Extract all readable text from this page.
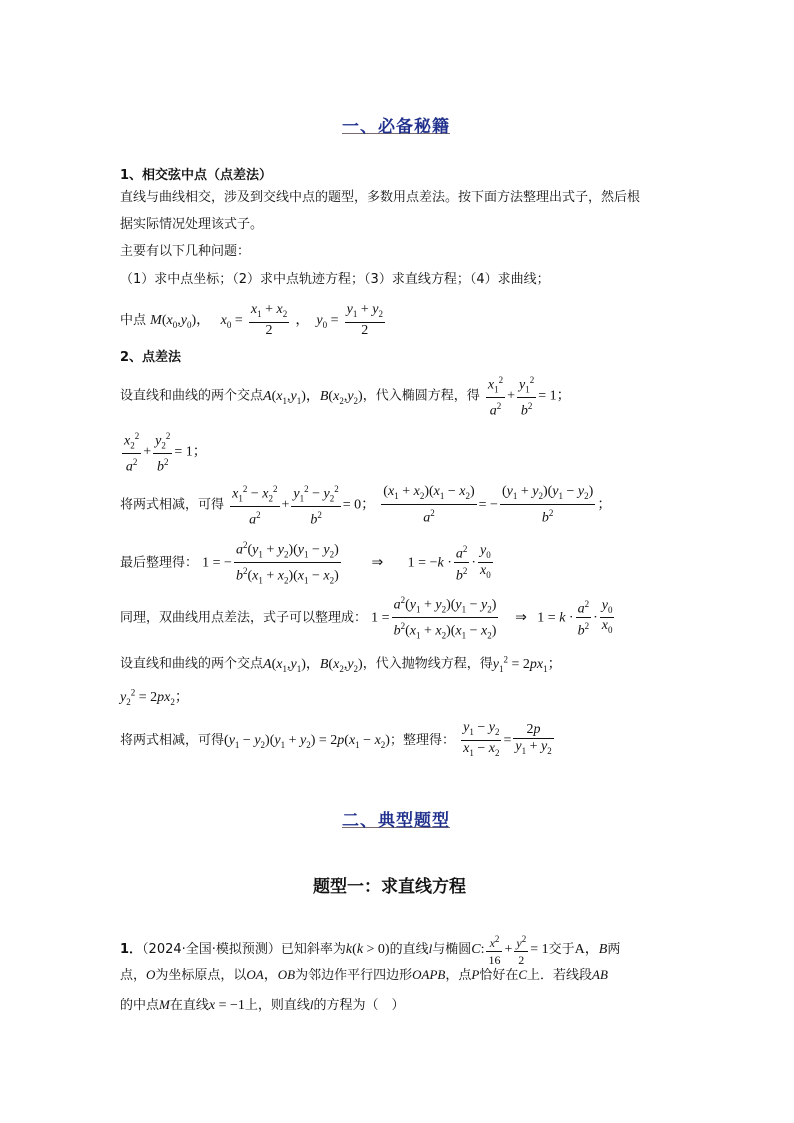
一、必备秘籍
1、相交弦中点（点差法）
直线与曲线相交，涉及到交线中点的题型，多数用点差法。按下面方法整理出式子，然后根
据实际情况处理该式子。
主要有以下几种问题：
（1）求中点坐标；（2）求中点轨迹方程；（3）求直线方程；（4）求曲线；
中点 $M(x_0,y_0)$，   $x_0 = \frac{x_1 + x_2}{2}$ ，  $y_0 = \frac{y_1 + y_2}{2}$
2、点差法
设直线和曲线的两个交点$A(x_1,y_1)$，$B(x_2,y_2)$，代入椭圆方程，得 $\frac{x_1^2}{a^2} + \frac{y_1^2}{b^2} = 1$；
$\frac{x_2^2}{a^2} + \frac{y_2^2}{b^2} = 1$；
将两式相减，可得 $\frac{x_1^2 - x_2^2}{a^2} + \frac{y_1^2 - y_2^2}{b^2} = 0$； $\frac{(x_1 + x_2)(x_1 - x_2)}{a^2}$ = − $\frac{(y_1 + y_2)(y_1 - y_2)}{b^2}$ ；
最后整理得： 1 = − $\frac{a^2(y_1 + y_2)(y_1 - y_2)}{b^2(x_1 + x_2)(x_1 - x_2)}$ ⇒       $1 = -k \cdot \frac{a^2}{b^2} \cdot \frac{y_0}{x_0}$
同理，双曲线用点差法，式子可以整理成： $1 = \frac{a^2(y_1 + y_2)(y_1 - y_2)}{b^2(x_1 + x_2)(x_1 - x_2)}$ ⇒   $1 = k \cdot \frac{a^2}{b^2} \cdot \frac{y_0}{x_0}$
设直线和曲线的两个交点$A(x_1,y_1)$，$B(x_2,y_2)$，代入抛物线方程，得$y_1^2 = 2px_1$；
$y_2^2 = 2px_2$；
将两式相减，可得$(y_1 - y_2)(y_1 + y_2) = 2p(x_1 - x_2)$；整理得： $\frac{y_1 - y_2}{x_1 - x_2} = \frac{2p}{y_1 + y_2}$
二、典型题型
题型一：求直线方程
1．（2024·全国·模拟预测）已知斜率为k(k > 0)的直线l与椭圆C: $\frac{x^2}{16} + \frac{y^2}{2} = 1$交于A，B两
点，O为坐标原点，以OA，OB为邻边作平行四边形OAPB，点P恰好在C上．若线段AB
的中点M在直线x = −1上，则直线l的方程为（　）
